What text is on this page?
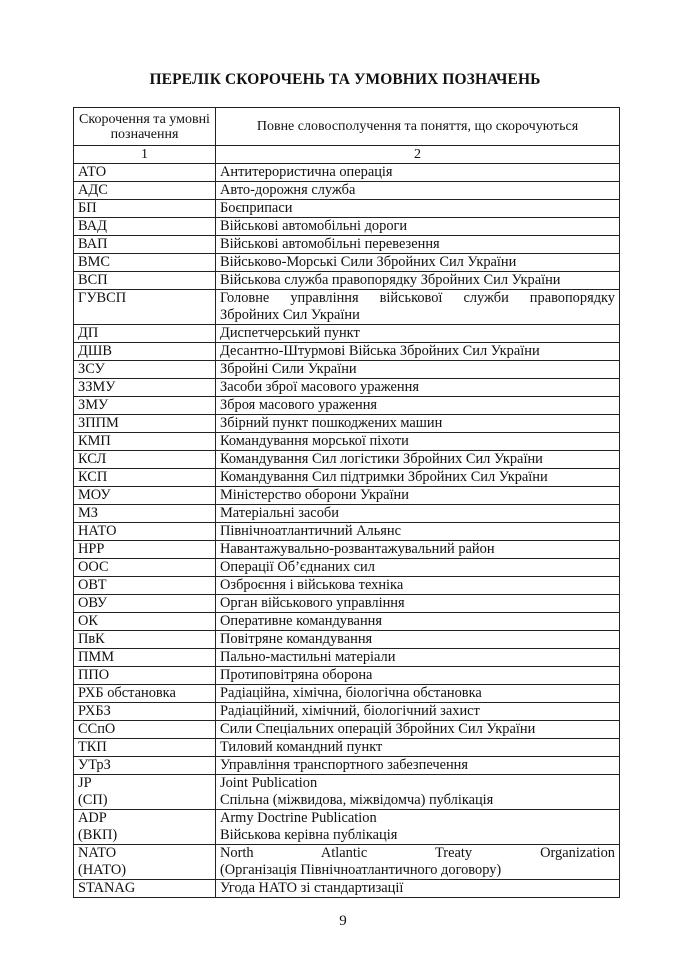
ПЕРЕЛІК СКОРОЧЕНЬ ТА УМОВНИХ ПОЗНАЧЕНЬ
Скорочення та умовні позначення	Повне словосполучення та поняття, що скорочуються
1	2

АТО	Антитерористична операція

АДС	Авто-дорожня служба

БП	Боєприпаси

ВАД	Військові автомобільні дороги

ВАП	Військові автомобільні перевезення

ВМС	Військово-Морські Сили Збройних Сил України

ВСП	Військова служба правопорядку Збройних Сил України

ГУВСП	Головне управління військової служби правопорядку
Збройних Сил України

ДП	Диспетчерський пункт

ДШВ	Десантно-Штурмові Війська Збройних Сил України

ЗСУ	Збройні Сили України

ЗЗМУ	Засоби зброї масового ураження

ЗМУ	Зброя масового ураження

ЗППМ	Збірний пункт пошкоджених машин

КМП	Командування морської піхоти

КСЛ	Командування Сил логістики Збройних Сил України

КСП	Командування Сил підтримки Збройних Сил України

МОУ	Міністерство оборони України

МЗ	Матеріальні засоби

НАТО	Північноатлантичний Альянс

НРР	Навантажувально-розвантажувальний район

ООС	Операції Об’єднаних сил

ОВТ	Озброєння і військова техніка

ОВУ	Орган військового управління

ОК	Оперативне командування

ПвК	Повітряне командування

ПММ	Пально-мастильні матеріали

ППО	Протиповітряна оборона

РХБ обстановка	Радіаційна, хімічна, біологічна обстановка

РХБЗ	Радіаційний, хімічний, біологічний захист

ССпО	Сили Спеціальних операцій Збройних Сил України

ТКП	Тиловий командний пункт

УТрЗ	Управління транспортного забезпечення

JP
(СП)	Joint Publication
Спільна (міжвидова, міжвідомча) публікація

ADP
(ВКП)	Army Doctrine Publication
Військова керівна публікація

NATO
(НАТО)	North Atlantic Treaty Organization
(Організація Північноатлантичного договору)

STANAG	Угода НАТО зі стандартизації
9
